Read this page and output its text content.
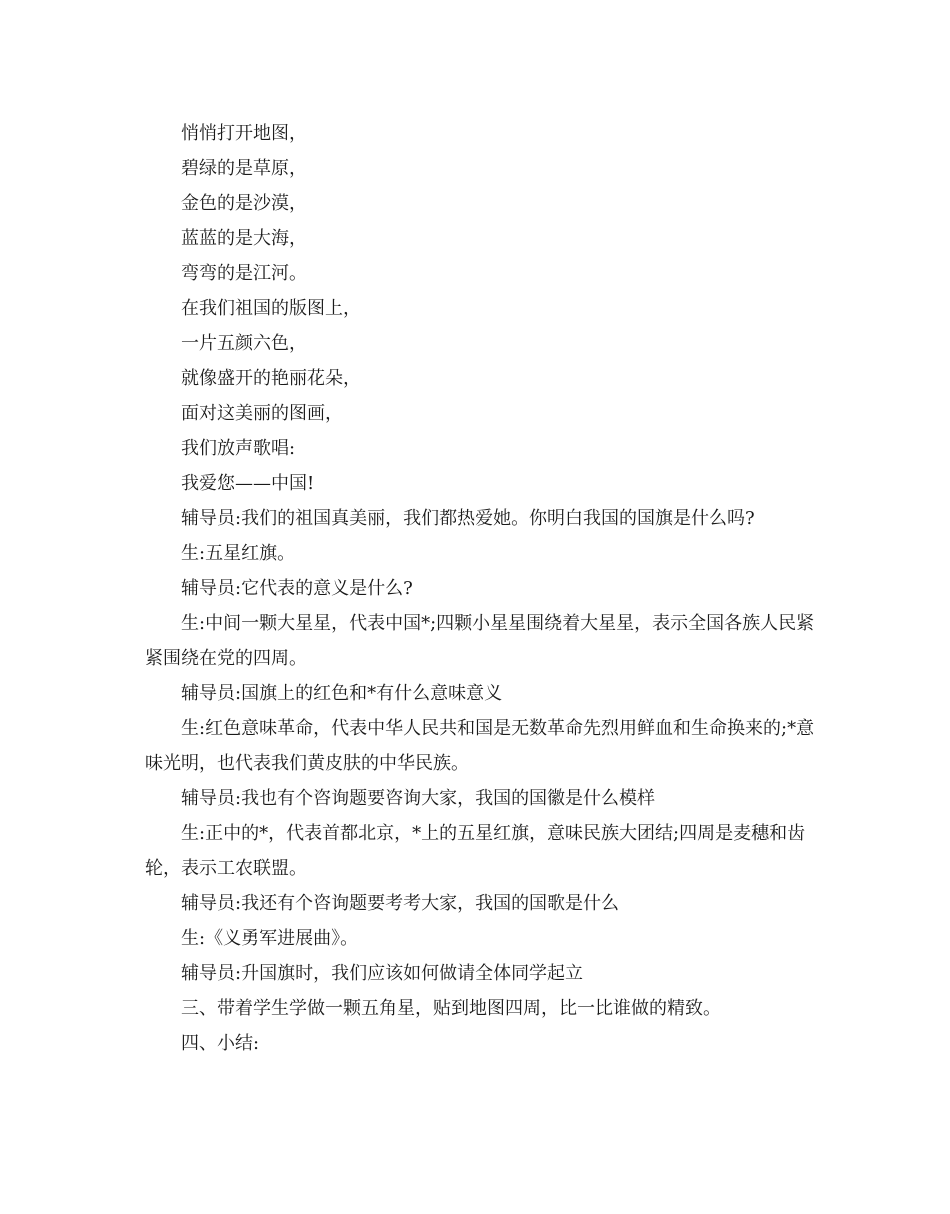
悄悄打开地图，
碧绿的是草原，
金色的是沙漠，
蓝蓝的是大海，
弯弯的是江河。
在我们祖国的版图上，
一片五颜六色，
就像盛开的艳丽花朵，
面对这美丽的图画，
我们放声歌唱:
我爱您——中国!
辅导员:我们的祖国真美丽，我们都热爱她。你明白我国的国旗是什么吗?
生:五星红旗。
辅导员:它代表的意义是什么?
生:中间一颗大星星，代表中国*;四颗小星星围绕着大星星，表示全国各族人民紧紧围绕在党的四周。
辅导员:国旗上的红色和*有什么意味意义
生:红色意味革命，代表中华人民共和国是无数革命先烈用鲜血和生命换来的;*意味光明，也代表我们黄皮肤的中华民族。
辅导员:我也有个咨询题要咨询大家，我国的国徽是什么模样
生:正中的*，代表首都北京，*上的五星红旗，意味民族大团结;四周是麦穗和齿轮，表示工农联盟。
辅导员:我还有个咨询题要考考大家，我国的国歌是什么
生:《义勇军进展曲》。
辅导员:升国旗时，我们应该如何做请全体同学起立
三、带着学生学做一颗五角星，贴到地图四周，比一比谁做的精致。
四、小结:
